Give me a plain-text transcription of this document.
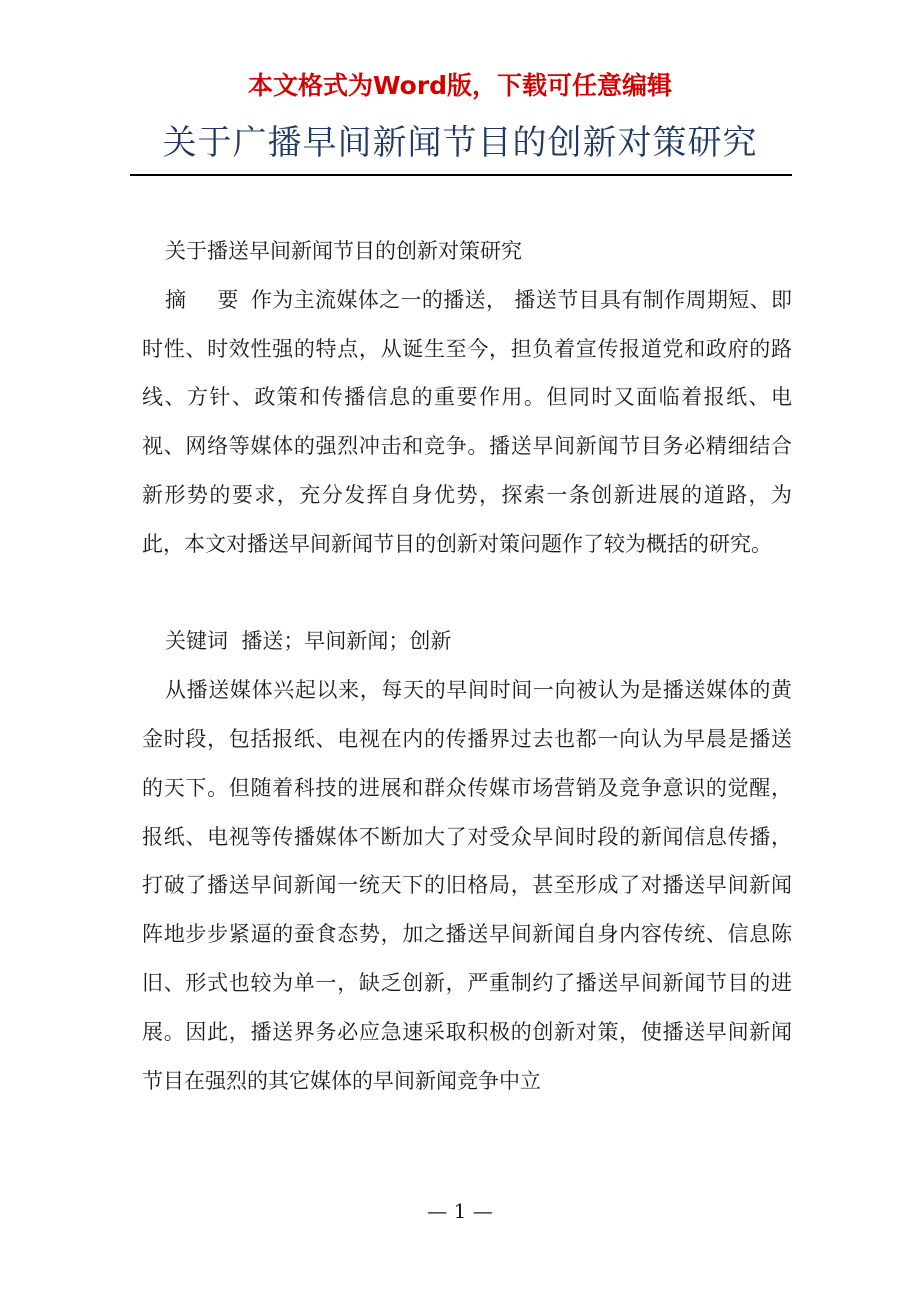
本文格式为Word版，下载可任意编辑
关于广播早间新闻节目的创新对策研究

关于播送早间新闻节目的创新对策研究

摘 要作为主流媒体之一的播送， 播送节目具有制作周期短、即时性、时效性强的特点，从诞生至今，担负着宣传报道党和政府的路线、方针、政策和传播信息的重要作用。但同时又面临着报纸、电视、网络等媒体的强烈冲击和竞争。播送早间新闻节目务必精细结合新形势的要求，充分发挥自身优势，探索一条创新进展的道路，为此，本文对播送早间新闻节目的创新对策问题作了较为概括的研究。

关键词 播送；早间新闻；创新

从播送媒体兴起以来，每天的早间时间一向被认为是播送媒体的黄金时段，包括报纸、电视在内的传播界过去也都一向认为早晨是播送的天下。但随着科技的进展和群众传媒市场营销及竞争意识的觉醒，报纸、电视等传播媒体不断加大了对受众早间时段的新闻信息传播，打破了播送早间新闻一统天下的旧格局，甚至形成了对播送早间新闻阵地步步紧逼的蚕食态势，加之播送早间新闻自身内容传统、信息陈旧、形式也较为单一，缺乏创新，严重制约了播送早间新闻节目的进展。因此，播送界务必应急速采取积极的创新对策，使播送早间新闻节目在强烈的其它媒体的早间新闻竞争中立

— 1 —
